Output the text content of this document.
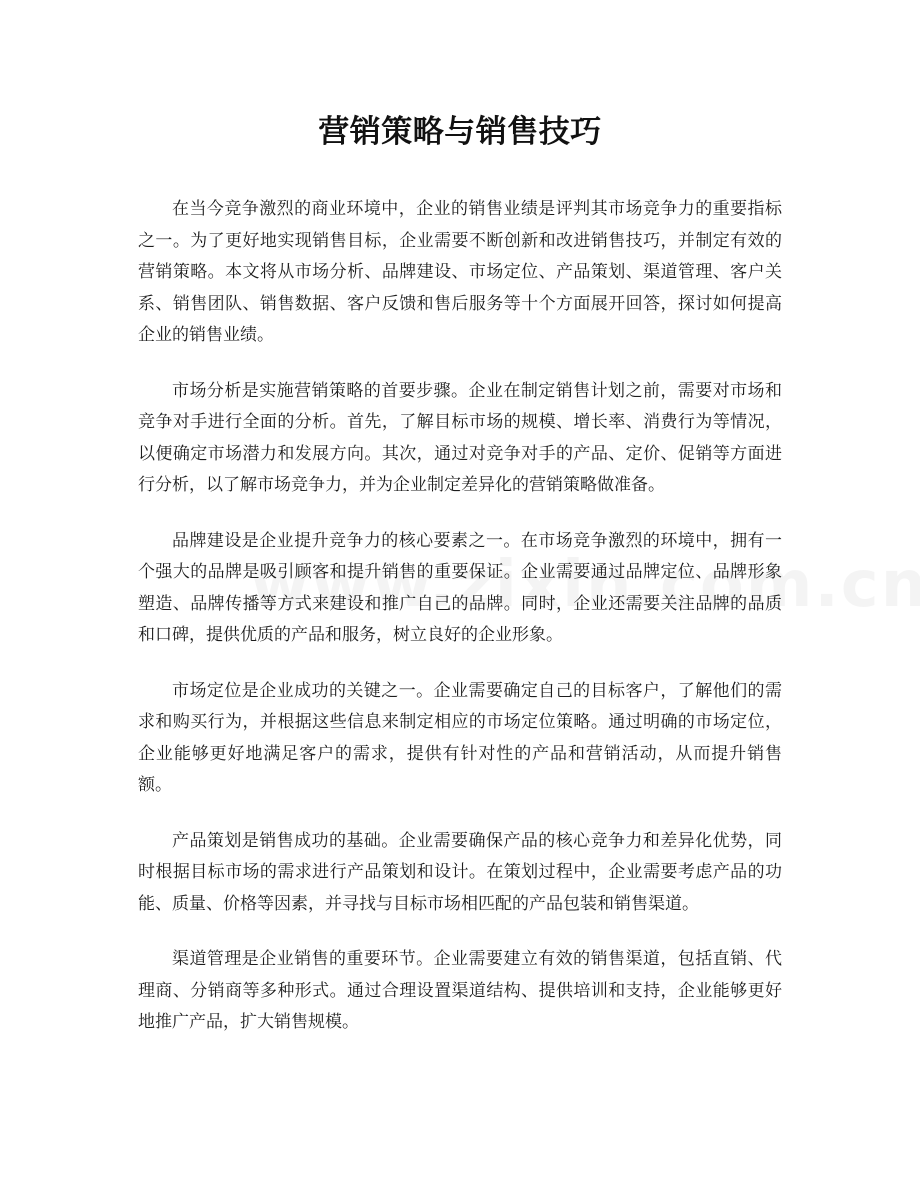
营销策略与销售技巧

在当今竞争激烈的商业环境中，企业的销售业绩是评判其市场竞争力的重要指标之一。为了更好地实现销售目标，企业需要不断创新和改进销售技巧，并制定有效的营销策略。本文将从市场分析、品牌建设、市场定位、产品策划、渠道管理、客户关系、销售团队、销售数据、客户反馈和售后服务等十个方面展开回答，探讨如何提高企业的销售业绩。

市场分析是实施营销策略的首要步骤。企业在制定销售计划之前，需要对市场和竞争对手进行全面的分析。首先，了解目标市场的规模、增长率、消费行为等情况，以便确定市场潜力和发展方向。其次，通过对竞争对手的产品、定价、促销等方面进行分析，以了解市场竞争力，并为企业制定差异化的营销策略做准备。

品牌建设是企业提升竞争力的核心要素之一。在市场竞争激烈的环境中，拥有一个强大的品牌是吸引顾客和提升销售的重要保证。企业需要通过品牌定位、品牌形象塑造、品牌传播等方式来建设和推广自己的品牌。同时，企业还需要关注品牌的品质和口碑，提供优质的产品和服务，树立良好的企业形象。

市场定位是企业成功的关键之一。企业需要确定自己的目标客户，了解他们的需求和购买行为，并根据这些信息来制定相应的市场定位策略。通过明确的市场定位，企业能够更好地满足客户的需求，提供有针对性的产品和营销活动，从而提升销售额。

产品策划是销售成功的基础。企业需要确保产品的核心竞争力和差异化优势，同时根据目标市场的需求进行产品策划和设计。在策划过程中，企业需要考虑产品的功能、质量、价格等因素，并寻找与目标市场相匹配的产品包装和销售渠道。

渠道管理是企业销售的重要环节。企业需要建立有效的销售渠道，包括直销、代理商、分销商等多种形式。通过合理设置渠道结构、提供培训和支持，企业能够更好地推广产品，扩大销售规模。
